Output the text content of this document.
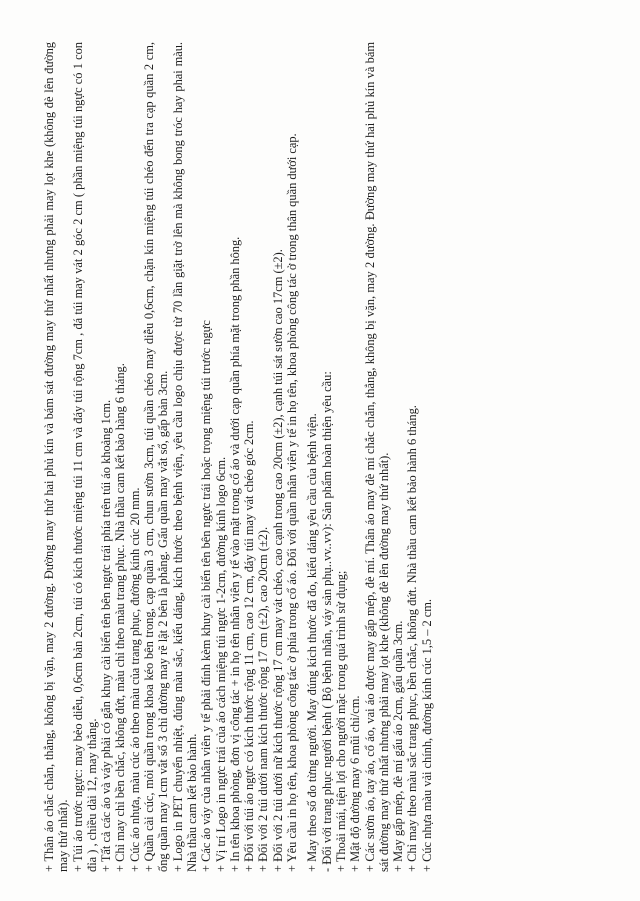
+ Thân áo chắc chắn, thẳng, không bị vặn, may 2 đường. Đường may thứ hai phủ kín và bám sát đường may thứ nhất nhưng phải may lọt khe (không đè lên đường may thứ nhất). + Túi áo trước ngực: may bẻo diễu, 0,6cm bản 2cm, túi có kích thước miệng túi 11 cm và đáy túi rộng 7cm , đá túi may vát 2 góc 2 cm ( phần miệng túi ngực có 1 con đỉa ) , chiều dài 12, may thẳng. + Tất cả các áo và váy phải có gắn khuy cài biển tên bên ngực trái phía trên túi áo khoảng 1cm. + Chỉ may chỉ bền chắc, không đứt, màu chỉ theo màu trang phục. Nhà thầu cam kết bảo hàng 6 tháng. + Cúc áo nhựa, màu cúc áo theo màu của trang phục, đường kính cúc 20 mm. + Quần cài cúc, mỏi quần trong khoa kéo bên trong, cạp quần 3 cm, chun sườn 3cm, túi quần chéo may diễu 0,6cm, chặn kín miệng túi chéo đến tra cạp quần 2 cm, ống quần may 1cm vắt sổ 3 chỉ đường may rẽ lật 2 bên là phẳng. Gấu quần may vắt sổ, gấp bản 3cm. + Logo in PET chuyển nhiệt, đúng màu sắc, kiểu dáng, kích thước theo bệnh viện, yêu cầu logo chịu được từ 70 lần giặt trở lên mà không bong tróc hay phai màu. Nhà thầu cam kết bảo hành. + Các áo váy của nhân viên y tế phải đính kèm khuy cài biển tên bên ngực trái hoặc trọng miệng túi trước ngực + Vị trí Logo in ngực trái của áo cách miệng túi ngực 1-2cm, đường kính logo 6cm. + In tên khoa phòng, đơn vị công tác + in họ tên nhân viên y tế vào mặt trong cổ áo và dưới cạp quần phía mặt trong phần hông. + Đối với túi áo ngực có kích thước rộng 11 cm, cao 12 cm, đáy túi may vát chéo góc 2cm. + Đối với 2 túi dưới nam kích thước rộng 17 cm (±2), cao 20cm (±2). + Đối với 2 túi dưới nữ kích thước rộng 17 cm may vát chéo, cao cạnh trong cao 20cm (±2), cạnh túi sát sườn cao 17cm (±2). + Yêu cầu in họ tên, khoa phòng công tác ở phía trong cổ áo. Đối với quần nhân viên y tế in họ tên, khoa phòng công tác ở trong thân quần dưới cạp. + May theo số đo từng người. May đúng kích thước đã đo, kiểu dáng yêu cầu của bệnh viện. - Đối với trang phục người bệnh ( Bộ bệnh nhân, váy sản phụ..vv..vv): Sản phẩm hoàn thiện yêu cầu: + Thoải mái, tiện lợi cho người mặc trong quá trình sử dụng; + Mật độ đường may 6 mũi chỉ/cm. + Các sườn áo, tay áo, cổ áo, vai áo được may gấp mép, đè mí. Thân áo may đè mí chắc chắn, thẳng, không bị vặn, may 2 đường. Đường may thứ hai phủ kín và bám sát đường may thứ nhất nhưng phải may lọt khe (không đè lên đường may thứ nhất). + May gấp mép, đè mí gấu áo 2cm, gấu quần 3cm. + Chỉ may theo màu sắc trang phục, bền chắc, không đứt. Nhà thầu cam kết bảo hành 6 tháng. + Cúc nhựa màu vải chính, đường kính cúc 1,5 – 2 cm.
